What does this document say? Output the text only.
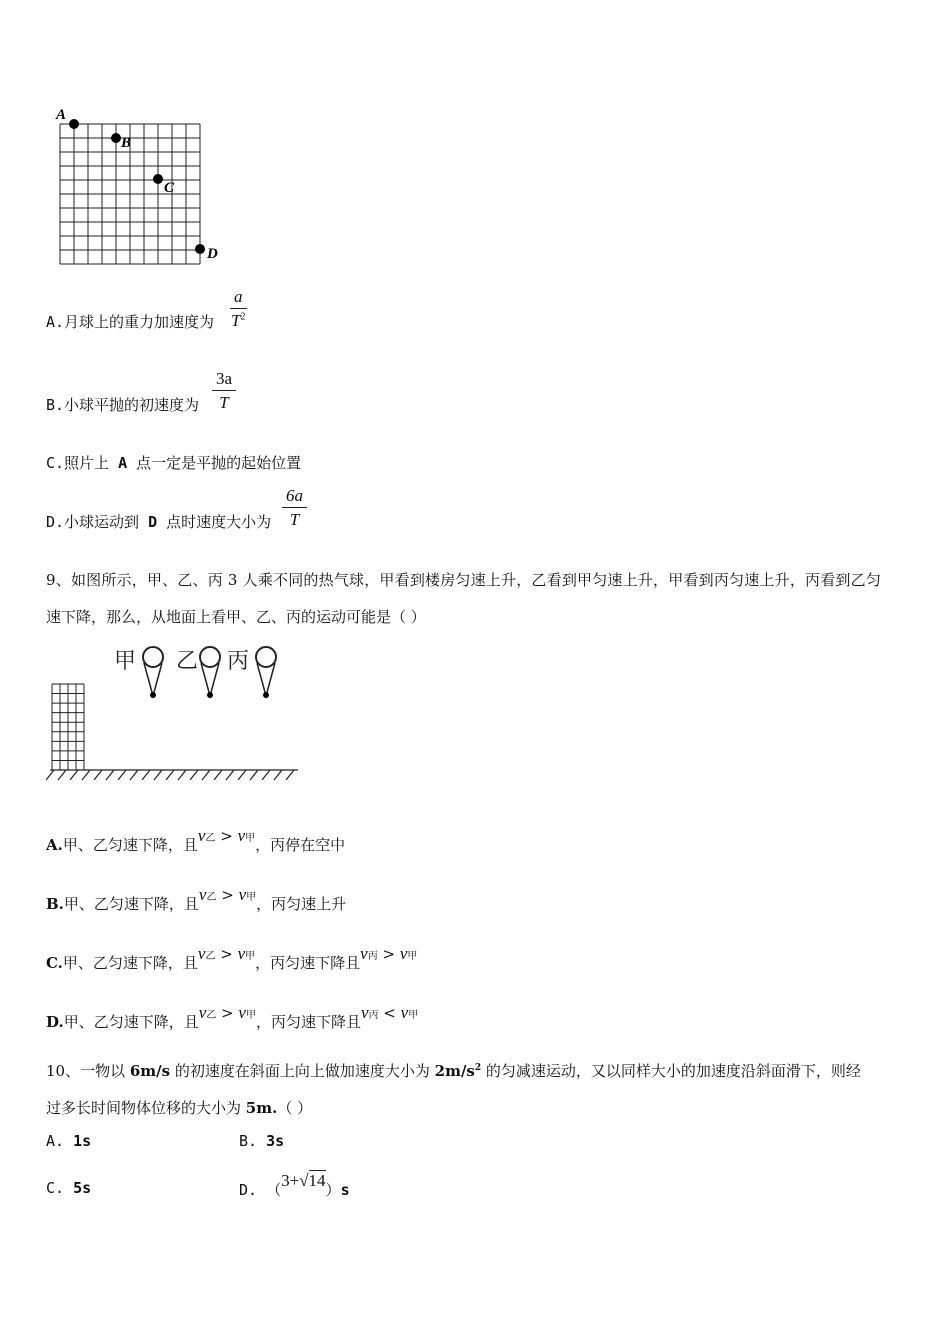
A
B
C
D
A.月球上的重力加速度为 $\frac{a}{T^2}$
B.小球平抛的初速度为 $\frac{3a}{T}$
C.照片上 A 点一定是平抛的起始位置
D.小球运动到 D 点时速度大小为 $\frac{6a}{T}$
9、如图所示，甲、乙、丙 3 人乘不同的热气球，甲看到楼房匀速上升，乙看到甲匀速上升，甲看到丙匀速上升，丙看到乙匀
速下降，那么，从地面上看甲、乙、丙的运动可能是（ ）
甲 乙 丙
A.甲、乙匀速下降，且v乙 > v甲，丙停在空中
B.甲、乙匀速下降，且v乙 > v甲，丙匀速上升
C.甲、乙匀速下降，且v乙 > v甲，丙匀速下降且v丙 > v甲
D.甲、乙匀速下降，且v乙 > v甲，丙匀速下降且v丙 < v甲
10、一物以 6m/s 的初速度在斜面上向上做加速度大小为 $2m/s^2$ 的匀减速运动，又以同样大小的加速度沿斜面滑下，则经
过多长时间物体位移的大小为 5m.（ ）
A. 1s	B. 3s
C. 5s	D. （3+√14）s
